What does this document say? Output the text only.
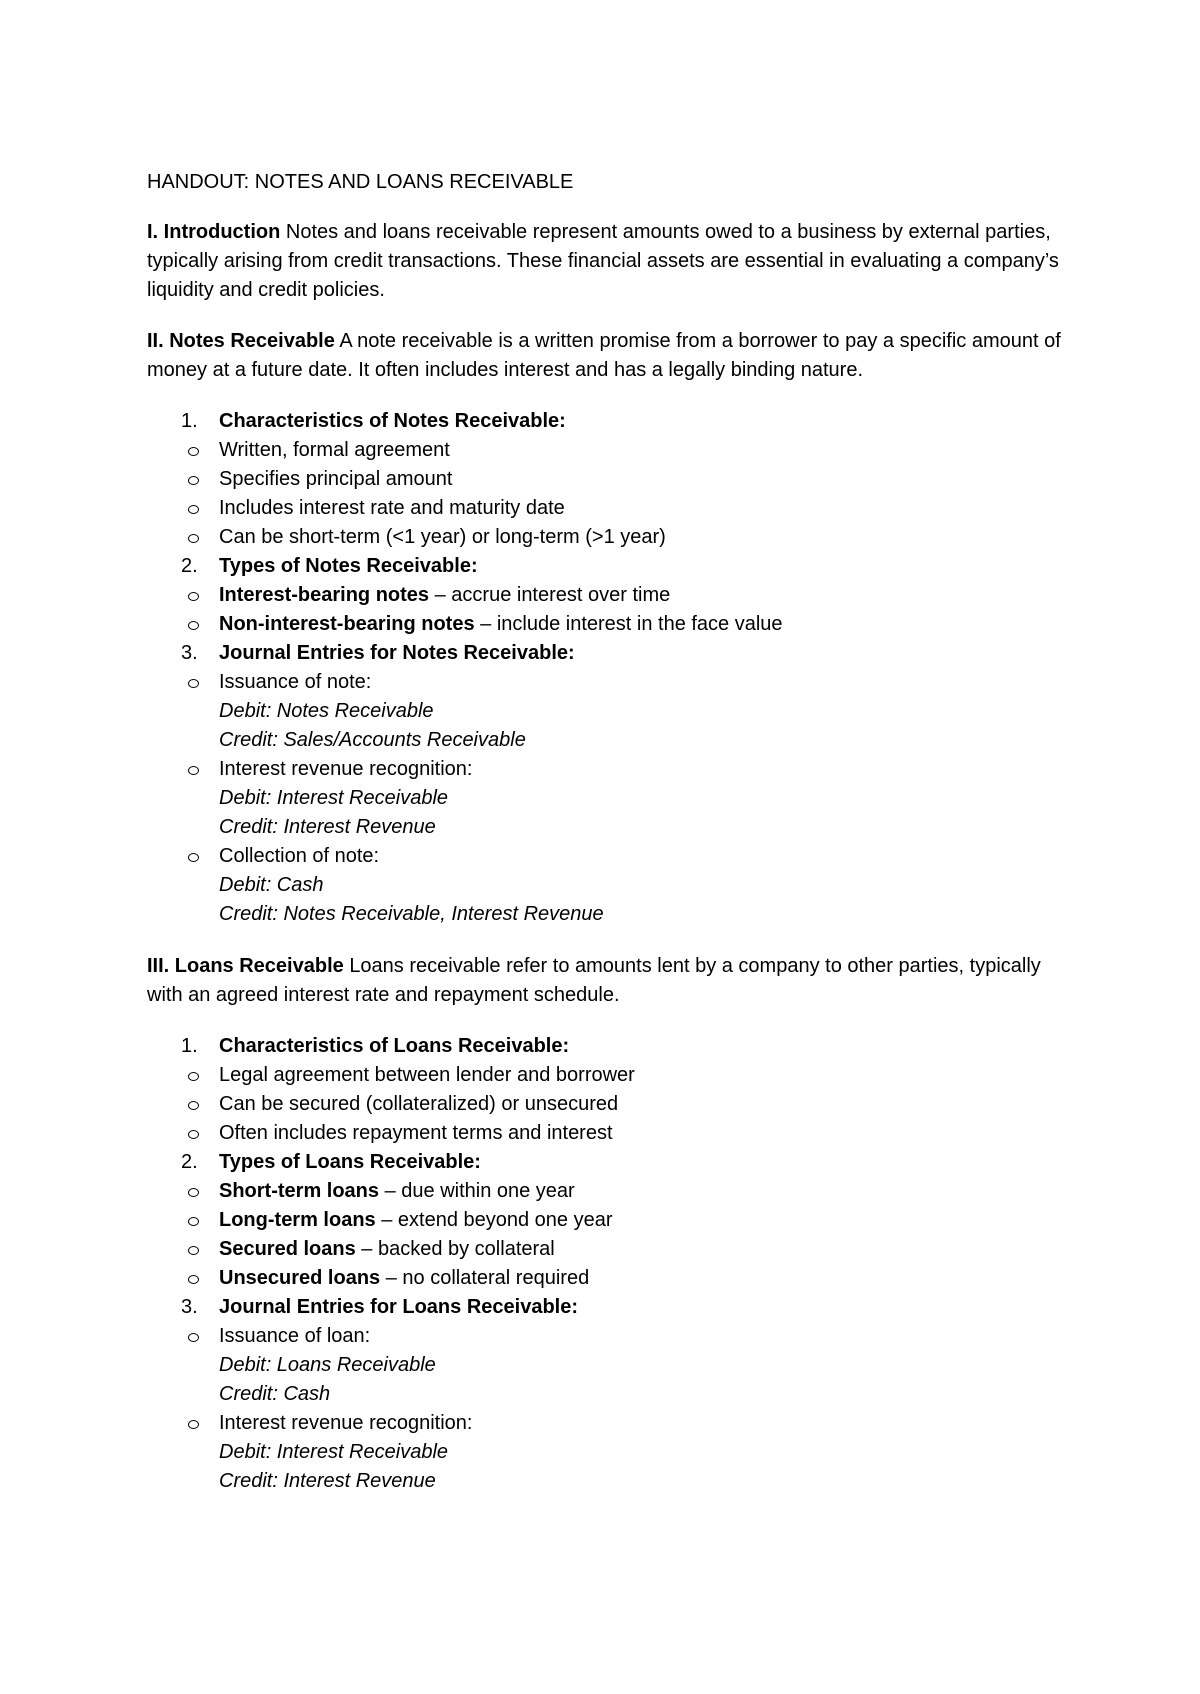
HANDOUT: NOTES AND LOANS RECEIVABLE

I. Introduction Notes and loans receivable represent amounts owed to a business by external parties, typically arising from credit transactions. These financial assets are essential in evaluating a company’s liquidity and credit policies.

II. Notes Receivable A note receivable is a written promise from a borrower to pay a specific amount of money at a future date. It often includes interest and has a legally binding nature.

1. Characteristics of Notes Receivable:
Written, formal agreement
Specifies principal amount
Includes interest rate and maturity date
Can be short-term (<1 year) or long-term (>1 year)
2. Types of Notes Receivable:
Interest-bearing notes – accrue interest over time
Non-interest-bearing notes – include interest in the face value
3. Journal Entries for Notes Receivable:
Issuance of note:
Debit: Notes Receivable
Credit: Sales/Accounts Receivable
Interest revenue recognition:
Debit: Interest Receivable
Credit: Interest Revenue
Collection of note:
Debit: Cash
Credit: Notes Receivable, Interest Revenue

III. Loans Receivable Loans receivable refer to amounts lent by a company to other parties, typically with an agreed interest rate and repayment schedule.

1. Characteristics of Loans Receivable:
Legal agreement between lender and borrower
Can be secured (collateralized) or unsecured
Often includes repayment terms and interest
2. Types of Loans Receivable:
Short-term loans – due within one year
Long-term loans – extend beyond one year
Secured loans – backed by collateral
Unsecured loans – no collateral required
3. Journal Entries for Loans Receivable:
Issuance of loan:
Debit: Loans Receivable
Credit: Cash
Interest revenue recognition:
Debit: Interest Receivable
Credit: Interest Revenue
